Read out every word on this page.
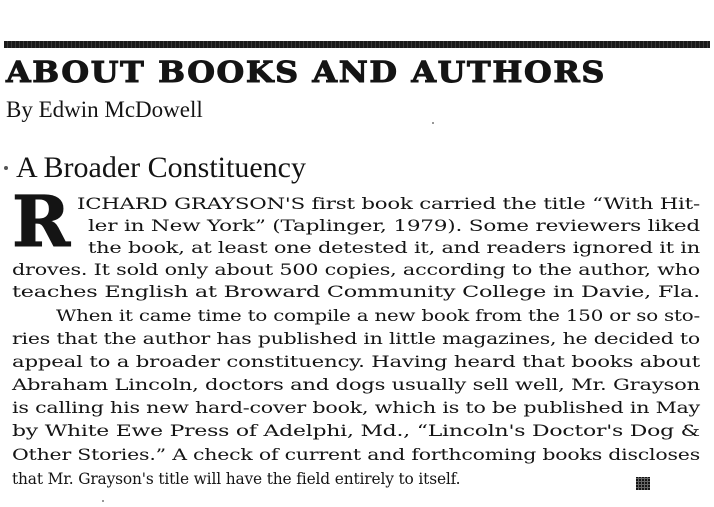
ABOUT BOOKS AND AUTHORS
By Edwin McDowell
A Broader Constituency
R ICHARD GRAYSON'S first book carried the title “With Hit-
ler in New York” (Taplinger, 1979). Some reviewers liked
the book, at least one detested it, and readers ignored it in
droves. It sold only about 500 copies, according to the author, who
teaches English at Broward Community College in Davie, Fla.
When it came time to compile a new book from the 150 or so sto-
ries that the author has published in little magazines, he decided to
appeal to a broader constituency. Having heard that books about
Abraham Lincoln, doctors and dogs usually sell well, Mr. Grayson
is calling his new hard-cover book, which is to be published in May
by White Ewe Press of Adelphi, Md., “Lincoln's Doctor's Dog &
Other Stories.” A check of current and forthcoming books discloses
that Mr. Grayson's title will have the field entirely to itself.
